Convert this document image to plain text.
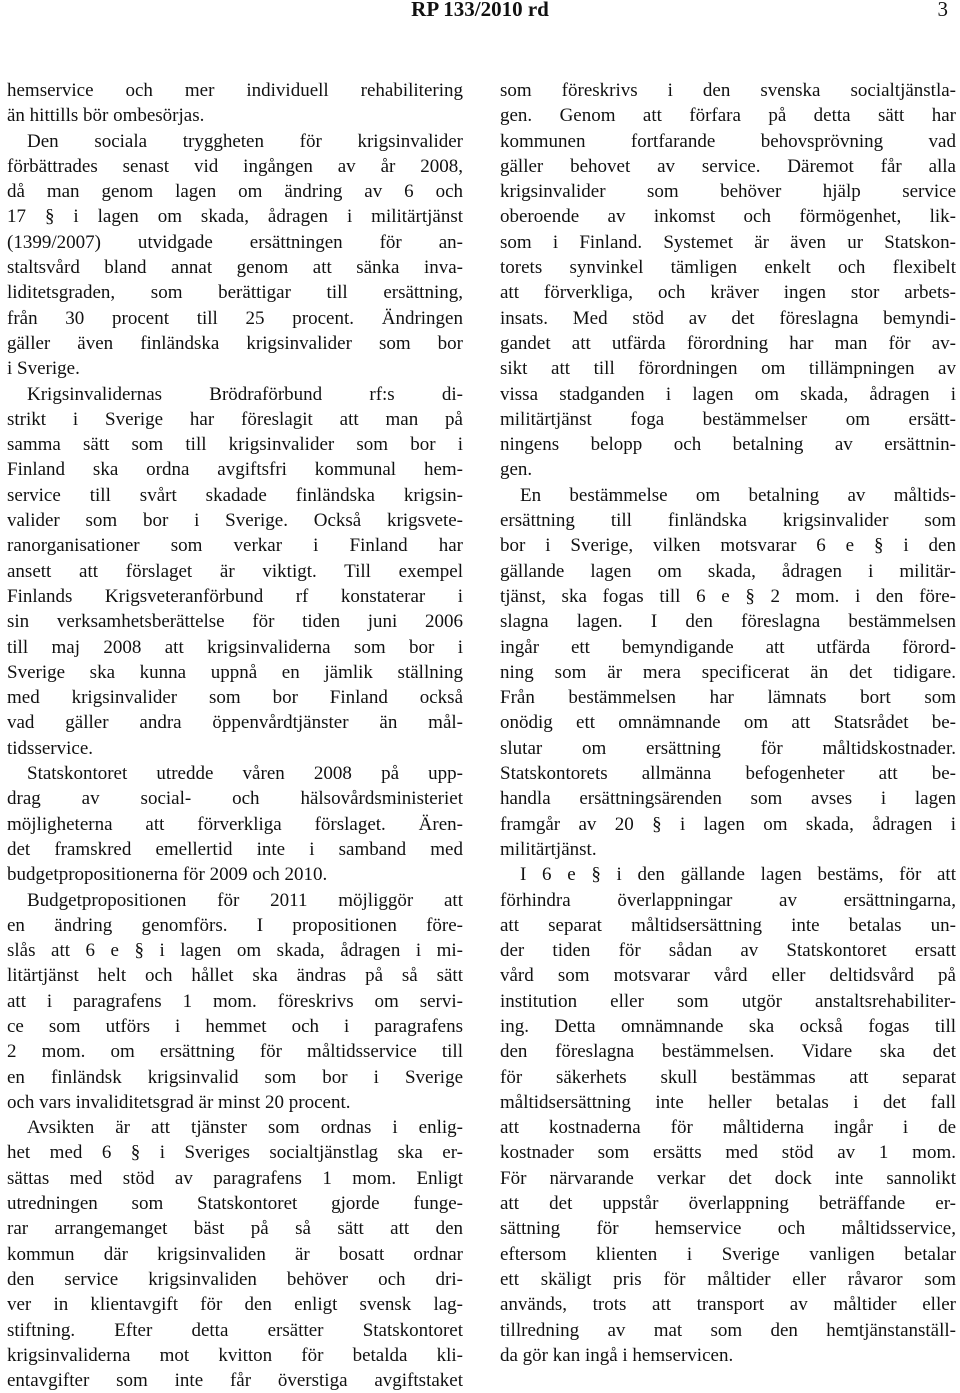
RP 133/2010 rd	3
hemservice och mer individuell rehabilitering
än hittills bör ombesörjas.
Den sociala tryggheten för krigsinvalider
förbättrades senast vid ingången av år 2008,
då man genom lagen om ändring av 6 och
17 § i lagen om skada, ådragen i militärtjänst
(1399/2007) utvidgade ersättningen för an-
staltsvård bland annat genom att sänka inva-
liditetsgraden, som berättigar till ersättning,
från 30 procent till 25 procent. Ändringen
gäller även finländska krigsinvalider som bor
i Sverige.
Krigsinvalidernas Brödraförbund rf:s di-
strikt i Sverige har föreslagit att man på
samma sätt som till krigsinvalider som bor i
Finland ska ordna avgiftsfri kommunal hem-
service till svårt skadade finländska krigsin-
valider som bor i Sverige. Också krigsvete-
ranorganisationer som verkar i Finland har
ansett att förslaget är viktigt. Till exempel
Finlands Krigsveteranförbund rf konstaterar i
sin verksamhetsberättelse för tiden juni 2006
till maj 2008 att krigsinvaliderna som bor i
Sverige ska kunna uppnå en jämlik ställning
med krigsinvalider som bor Finland också
vad gäller andra öppenvårdtjänster än mål-
tidsservice.
Statskontoret utredde våren 2008 på upp-
drag av social- och hälsovårdsministeriet
möjligheterna att förverkliga förslaget. Ären-
det framskred emellertid inte i samband med
budgetpropositionerna för 2009 och 2010.
Budgetpropositionen för 2011 möjliggör att
en ändring genomförs. I propositionen före-
slås att 6 e § i lagen om skada, ådragen i mi-
litärtjänst helt och hållet ska ändras på så sätt
att i paragrafens 1 mom. föreskrivs om servi-
ce som utförs i hemmet och i paragrafens
2 mom. om ersättning för måltidsservice till
en finländsk krigsinvalid som bor i Sverige
och vars invaliditetsgrad är minst 20 procent.
Avsikten är att tjänster som ordnas i enlig-
het med 6 § i Sveriges socialtjänstlag ska er-
sättas med stöd av paragrafens 1 mom. Enligt
utredningen som Statskontoret gjorde funge-
rar arrangemanget bäst på så sätt att den
kommun där krigsinvaliden är bosatt ordnar
den service krigsinvaliden behöver och dri-
ver in klientavgift för den enligt svensk lag-
stiftning. Efter detta ersätter Statskontoret
krigsinvaliderna mot kvitton för betalda kli-
entavgifter som inte får överstiga avgiftstaket
som föreskrivs i den svenska socialtjänstla-
gen. Genom att förfara på detta sätt har
kommunen fortfarande behovsprövning vad
gäller behovet av service. Däremot får alla
krigsinvalider som behöver hjälp service
oberoende av inkomst och förmögenhet, lik-
som i Finland. Systemet är även ur Statskon-
torets synvinkel tämligen enkelt och flexibelt
att förverkliga, och kräver ingen stor arbets-
insats. Med stöd av det föreslagna bemyndi-
gandet att utfärda förordning har man för av-
sikt att till förordningen om tillämpningen av
vissa stadganden i lagen om skada, ådragen i
militärtjänst foga bestämmelser om ersätt-
ningens belopp och betalning av ersättnin-
gen.
En bestämmelse om betalning av måltids-
ersättning till finländska krigsinvalider som
bor i Sverige, vilken motsvarar 6 e § i den
gällande lagen om skada, ådragen i militär-
tjänst, ska fogas till 6 e § 2 mom. i den före-
slagna lagen. I den föreslagna bestämmelsen
ingår ett bemyndigande att utfärda förord-
ning som är mera specificerat än det tidigare.
Från bestämmelsen har lämnats bort som
onödig ett omnämnande om att Statsrådet be-
slutar om ersättning för måltidskostnader.
Statskontorets allmänna befogenheter att be-
handla ersättningsärenden som avses i lagen
framgår av 20 § i lagen om skada, ådragen i
militärtjänst.
I 6 e § i den gällande lagen bestäms, för att
förhindra överlappningar av ersättningarna,
att separat måltidsersättning inte betalas un-
der tiden för sådan av Statskontoret ersatt
vård som motsvarar vård eller deltidsvård på
institution eller som utgör anstaltsrehabiliter-
ing. Detta omnämnande ska också fogas till
den föreslagna bestämmelsen. Vidare ska det
för säkerhets skull bestämmas att separat
måltidsersättning inte heller betalas i det fall
att kostnaderna för måltiderna ingår i de
kostnader som ersätts med stöd av 1 mom.
För närvarande verkar det dock inte sannolikt
att det uppstår överlappning beträffande er-
sättning för hemservice och måltidsservice,
eftersom klienten i Sverige vanligen betalar
ett skäligt pris för måltider eller råvaror som
används, trots att transport av måltider eller
tillredning av mat som den hemtjänstanställ-
da gör kan ingå i hemservicen.
